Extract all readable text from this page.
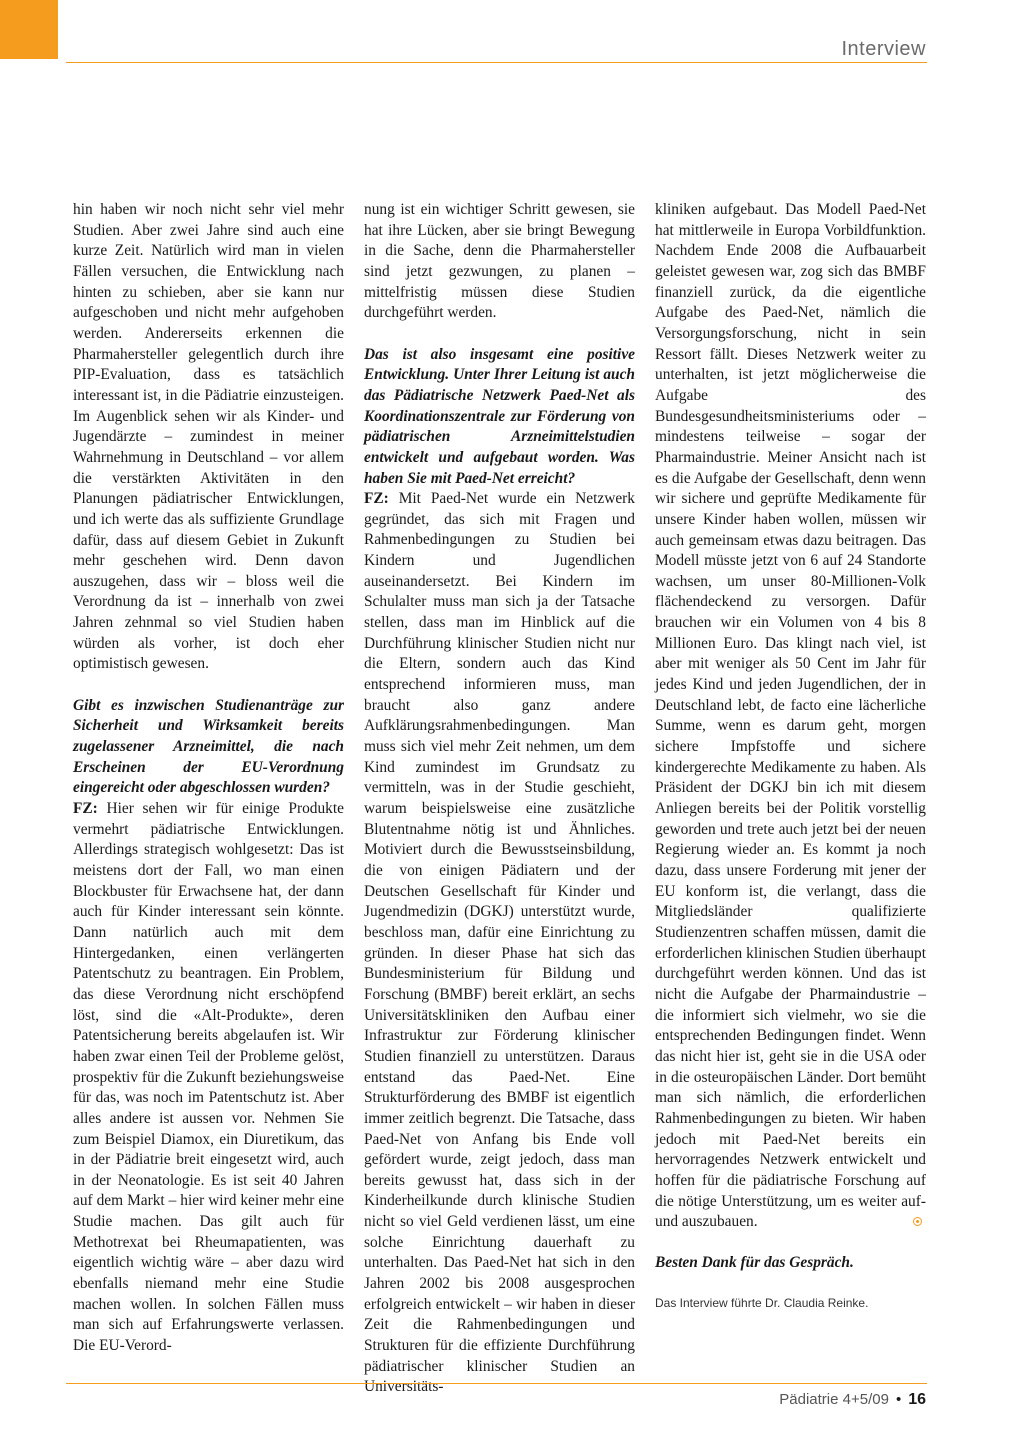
Interview

hin haben wir noch nicht sehr viel mehr Studien. Aber zwei Jahre sind auch eine kurze Zeit. Natürlich wird man in vielen Fällen versuchen, die Entwicklung nach hinten zu schieben, aber sie kann nur aufgeschoben und nicht mehr aufgehoben werden. Andererseits erkennen die Pharmahersteller gelegentlich durch ihre PIP-Evaluation, dass es tatsächlich interessant ist, in die Pädiatrie einzusteigen. Im Augenblick sehen wir als Kinder- und Jugendärzte – zumindest in meiner Wahrnehmung in Deutschland – vor allem die verstärkten Aktivitäten in den Planungen pädiatrischer Entwicklungen, und ich werte das als suffiziente Grundlage dafür, dass auf diesem Gebiet in Zukunft mehr geschehen wird. Denn davon auszugehen, dass wir – bloss weil die Verordnung da ist – innerhalb von zwei Jahren zehnmal so viel Studien haben würden als vorher, ist doch eher optimistisch gewesen.

Gibt es inzwischen Studienanträge zur Sicherheit und Wirksamkeit bereits zugelassener Arzneimittel, die nach Erscheinen der EU-Verordnung eingereicht oder abgeschlossen wurden?

FZ: Hier sehen wir für einige Produkte vermehrt pädiatrische Entwicklungen. Allerdings strategisch wohlgesetzt: Das ist meistens dort der Fall, wo man einen Blockbuster für Erwachsene hat, der dann auch für Kinder interessant sein könnte. Dann natürlich auch mit dem Hintergedanken, einen verlängerten Patentschutz zu beantragen. Ein Problem, das diese Verordnung nicht erschöpfend löst, sind die «Alt-Produkte», deren Patentsicherung bereits abgelaufen ist. Wir haben zwar einen Teil der Probleme gelöst, prospektiv für die Zukunft beziehungsweise für das, was noch im Patentschutz ist. Aber alles andere ist aussen vor. Nehmen Sie zum Beispiel Diamox, ein Diuretikum, das in der Pädiatrie breit eingesetzt wird, auch in der Neonatologie. Es ist seit 40 Jahren auf dem Markt – hier wird keiner mehr eine Studie machen. Das gilt auch für Methotrexat bei Rheumapatienten, was eigentlich wichtig wäre – aber dazu wird ebenfalls niemand mehr eine Studie machen wollen. In solchen Fällen muss man sich auf Erfahrungswerte verlassen. Die EU-Verord-

nung ist ein wichtiger Schritt gewesen, sie hat ihre Lücken, aber sie bringt Bewegung in die Sache, denn die Pharmahersteller sind jetzt gezwungen, zu planen – mittelfristig müssen diese Studien durchgeführt werden.

Das ist also insgesamt eine positive Entwicklung. Unter Ihrer Leitung ist auch das Pädiatrische Netzwerk Paed-Net als Koordinationszentrale zur Förderung von pädiatrischen Arzneimittelstudien entwickelt und aufgebaut worden. Was haben Sie mit Paed-Net erreicht?

FZ: Mit Paed-Net wurde ein Netzwerk gegründet, das sich mit Fragen und Rahmenbedingungen zu Studien bei Kindern und Jugendlichen auseinandersetzt. Bei Kindern im Schulalter muss man sich ja der Tatsache stellen, dass man im Hinblick auf die Durchführung klinischer Studien nicht nur die Eltern, sondern auch das Kind entsprechend informieren muss, man braucht also ganz andere Aufklärungsrahmenbedingungen. Man muss sich viel mehr Zeit nehmen, um dem Kind zumindest im Grundsatz zu vermitteln, was in der Studie geschieht, warum beispielsweise eine zusätzliche Blutentnahme nötig ist und Ähnliches. Motiviert durch die Bewusstseinsbildung, die von einigen Pädiatern und der Deutschen Gesellschaft für Kinder und Jugendmedizin (DGKJ) unterstützt wurde, beschloss man, dafür eine Einrichtung zu gründen. In dieser Phase hat sich das Bundesministerium für Bildung und Forschung (BMBF) bereit erklärt, an sechs Universitätskliniken den Aufbau einer Infrastruktur zur Förderung klinischer Studien finanziell zu unterstützen. Daraus entstand das Paed-Net. Eine Strukturförderung des BMBF ist eigentlich immer zeitlich begrenzt. Die Tatsache, dass Paed-Net von Anfang bis Ende voll gefördert wurde, zeigt jedoch, dass man bereits gewusst hat, dass sich in der Kinderheilkunde durch klinische Studien nicht so viel Geld verdienen lässt, um eine solche Einrichtung dauerhaft zu unterhalten. Das Paed-Net hat sich in den Jahren 2002 bis 2008 ausgesprochen erfolgreich entwickelt – wir haben in dieser Zeit die Rahmenbedingungen und Strukturen für die effiziente Durchführung pädiatrischer klinischer Studien an Universitäts-

kliniken aufgebaut. Das Modell Paed-Net hat mittlerweile in Europa Vorbildfunktion. Nachdem Ende 2008 die Aufbauarbeit geleistet gewesen war, zog sich das BMBF finanziell zurück, da die eigentliche Aufgabe des Paed-Net, nämlich die Versorgungsforschung, nicht in sein Ressort fällt. Dieses Netzwerk weiter zu unterhalten, ist jetzt möglicherweise die Aufgabe des Bundesgesundheitsministeriums oder – mindestens teilweise – sogar der Pharmaindustrie. Meiner Ansicht nach ist es die Aufgabe der Gesellschaft, denn wenn wir sichere und geprüfte Medikamente für unsere Kinder haben wollen, müssen wir auch gemeinsam etwas dazu beitragen. Das Modell müsste jetzt von 6 auf 24 Standorte wachsen, um unser 80-Millionen-Volk flächendeckend zu versorgen. Dafür brauchen wir ein Volumen von 4 bis 8 Millionen Euro. Das klingt nach viel, ist aber mit weniger als 50 Cent im Jahr für jedes Kind und jeden Jugendlichen, der in Deutschland lebt, de facto eine lächerliche Summe, wenn es darum geht, morgen sichere Impfstoffe und sichere kindergerechte Medikamente zu haben. Als Präsident der DGKJ bin ich mit diesem Anliegen bereits bei der Politik vorstellig geworden und trete auch jetzt bei der neuen Regierung wieder an. Es kommt ja noch dazu, dass unsere Forderung mit jener der EU konform ist, die verlangt, dass die Mitgliedsländer qualifizierte Studienzentren schaffen müssen, damit die erforderlichen klinischen Studien überhaupt durchgeführt werden können. Und das ist nicht die Aufgabe der Pharmaindustrie – die informiert sich vielmehr, wo sie die entsprechenden Bedingungen findet. Wenn das nicht hier ist, geht sie in die USA oder in die osteuropäischen Länder. Dort bemüht man sich nämlich, die erforderlichen Rahmenbedingungen zu bieten. Wir haben jedoch mit Paed-Net bereits ein hervorragendes Netzwerk entwickelt und hoffen für die pädiatrische Forschung auf die nötige Unterstützung, um es weiter auf- und auszubauen.

Besten Dank für das Gespräch.

Das Interview führte Dr. Claudia Reinke.

Pädiatrie 4+5/09 • 16
